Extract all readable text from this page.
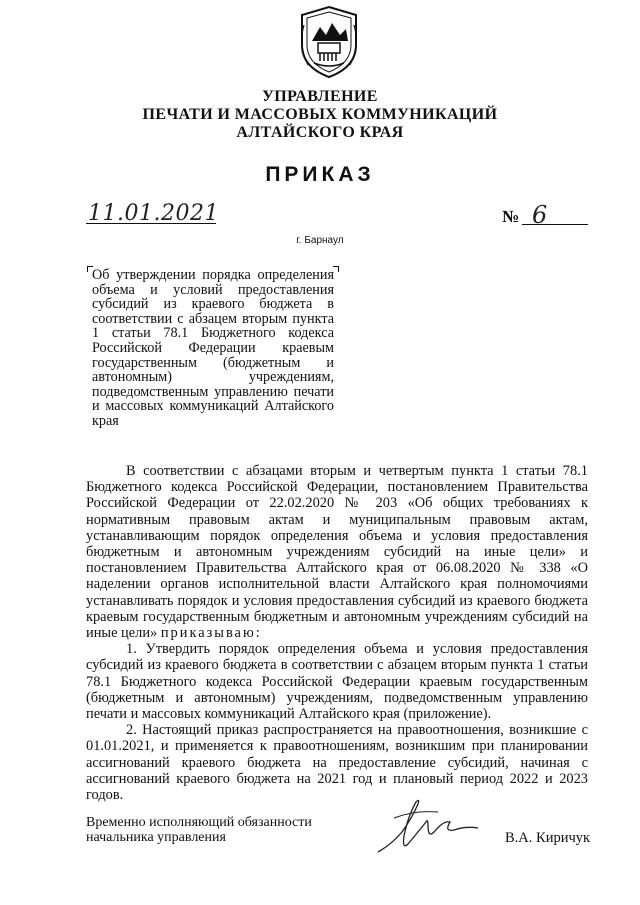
УПРАВЛЕНИЕ
ПЕЧАТИ И МАССОВЫХ КОММУНИКАЦИЙ
АЛТАЙСКОГО КРАЯ
ПРИКАЗ
11.01.2021	№ 6
г. Барнаул
Об утверждении порядка определения объема и условий предоставления субсидий из краевого бюджета в соответствии с абзацем вторым пункта 1 статьи 78.1 Бюджетного кодекса Российской Федерации краевым государственным (бюджетным и автономным) учреждениям, подведомственным управлению печати и массовых коммуникаций Алтайского края

В соответствии с абзацами вторым и четвертым пункта 1 статьи 78.1 Бюджетного кодекса Российской Федерации, постановлением Правительства Российской Федерации от 22.02.2020 № 203 «Об общих требованиях к нормативным правовым актам и муниципальным правовым актам, устанавливающим порядок определения объема и условия предоставления бюджетным и автономным учреждениям субсидий на иные цели» и постановлением Правительства Алтайского края от 06.08.2020 № 338 «О наделении органов исполнительной власти Алтайского края полномочиями устанавливать порядок и условия предоставления субсидий из краевого бюджета краевым государственным бюджетным и автономным учреждениям субсидий на иные цели» приказываю:

1. Утвердить порядок определения объема и условия предоставления субсидий из краевого бюджета в соответствии с абзацем вторым пункта 1 статьи 78.1 Бюджетного кодекса Российской Федерации краевым государственным (бюджетным и автономным) учреждениям, подведомственным управлению печати и массовых коммуникаций Алтайского края (приложение).

2. Настоящий приказ распространяется на правоотношения, возникшие с 01.01.2021, и применяется к правоотношениям, возникшим при планировании ассигнований краевого бюджета на предоставление субсидий, начиная с ассигнований краевого бюджета на 2021 год и плановый период 2022 и 2023 годов.

Временно исполняющий обязанности
начальника управления	В.А. Киричук
